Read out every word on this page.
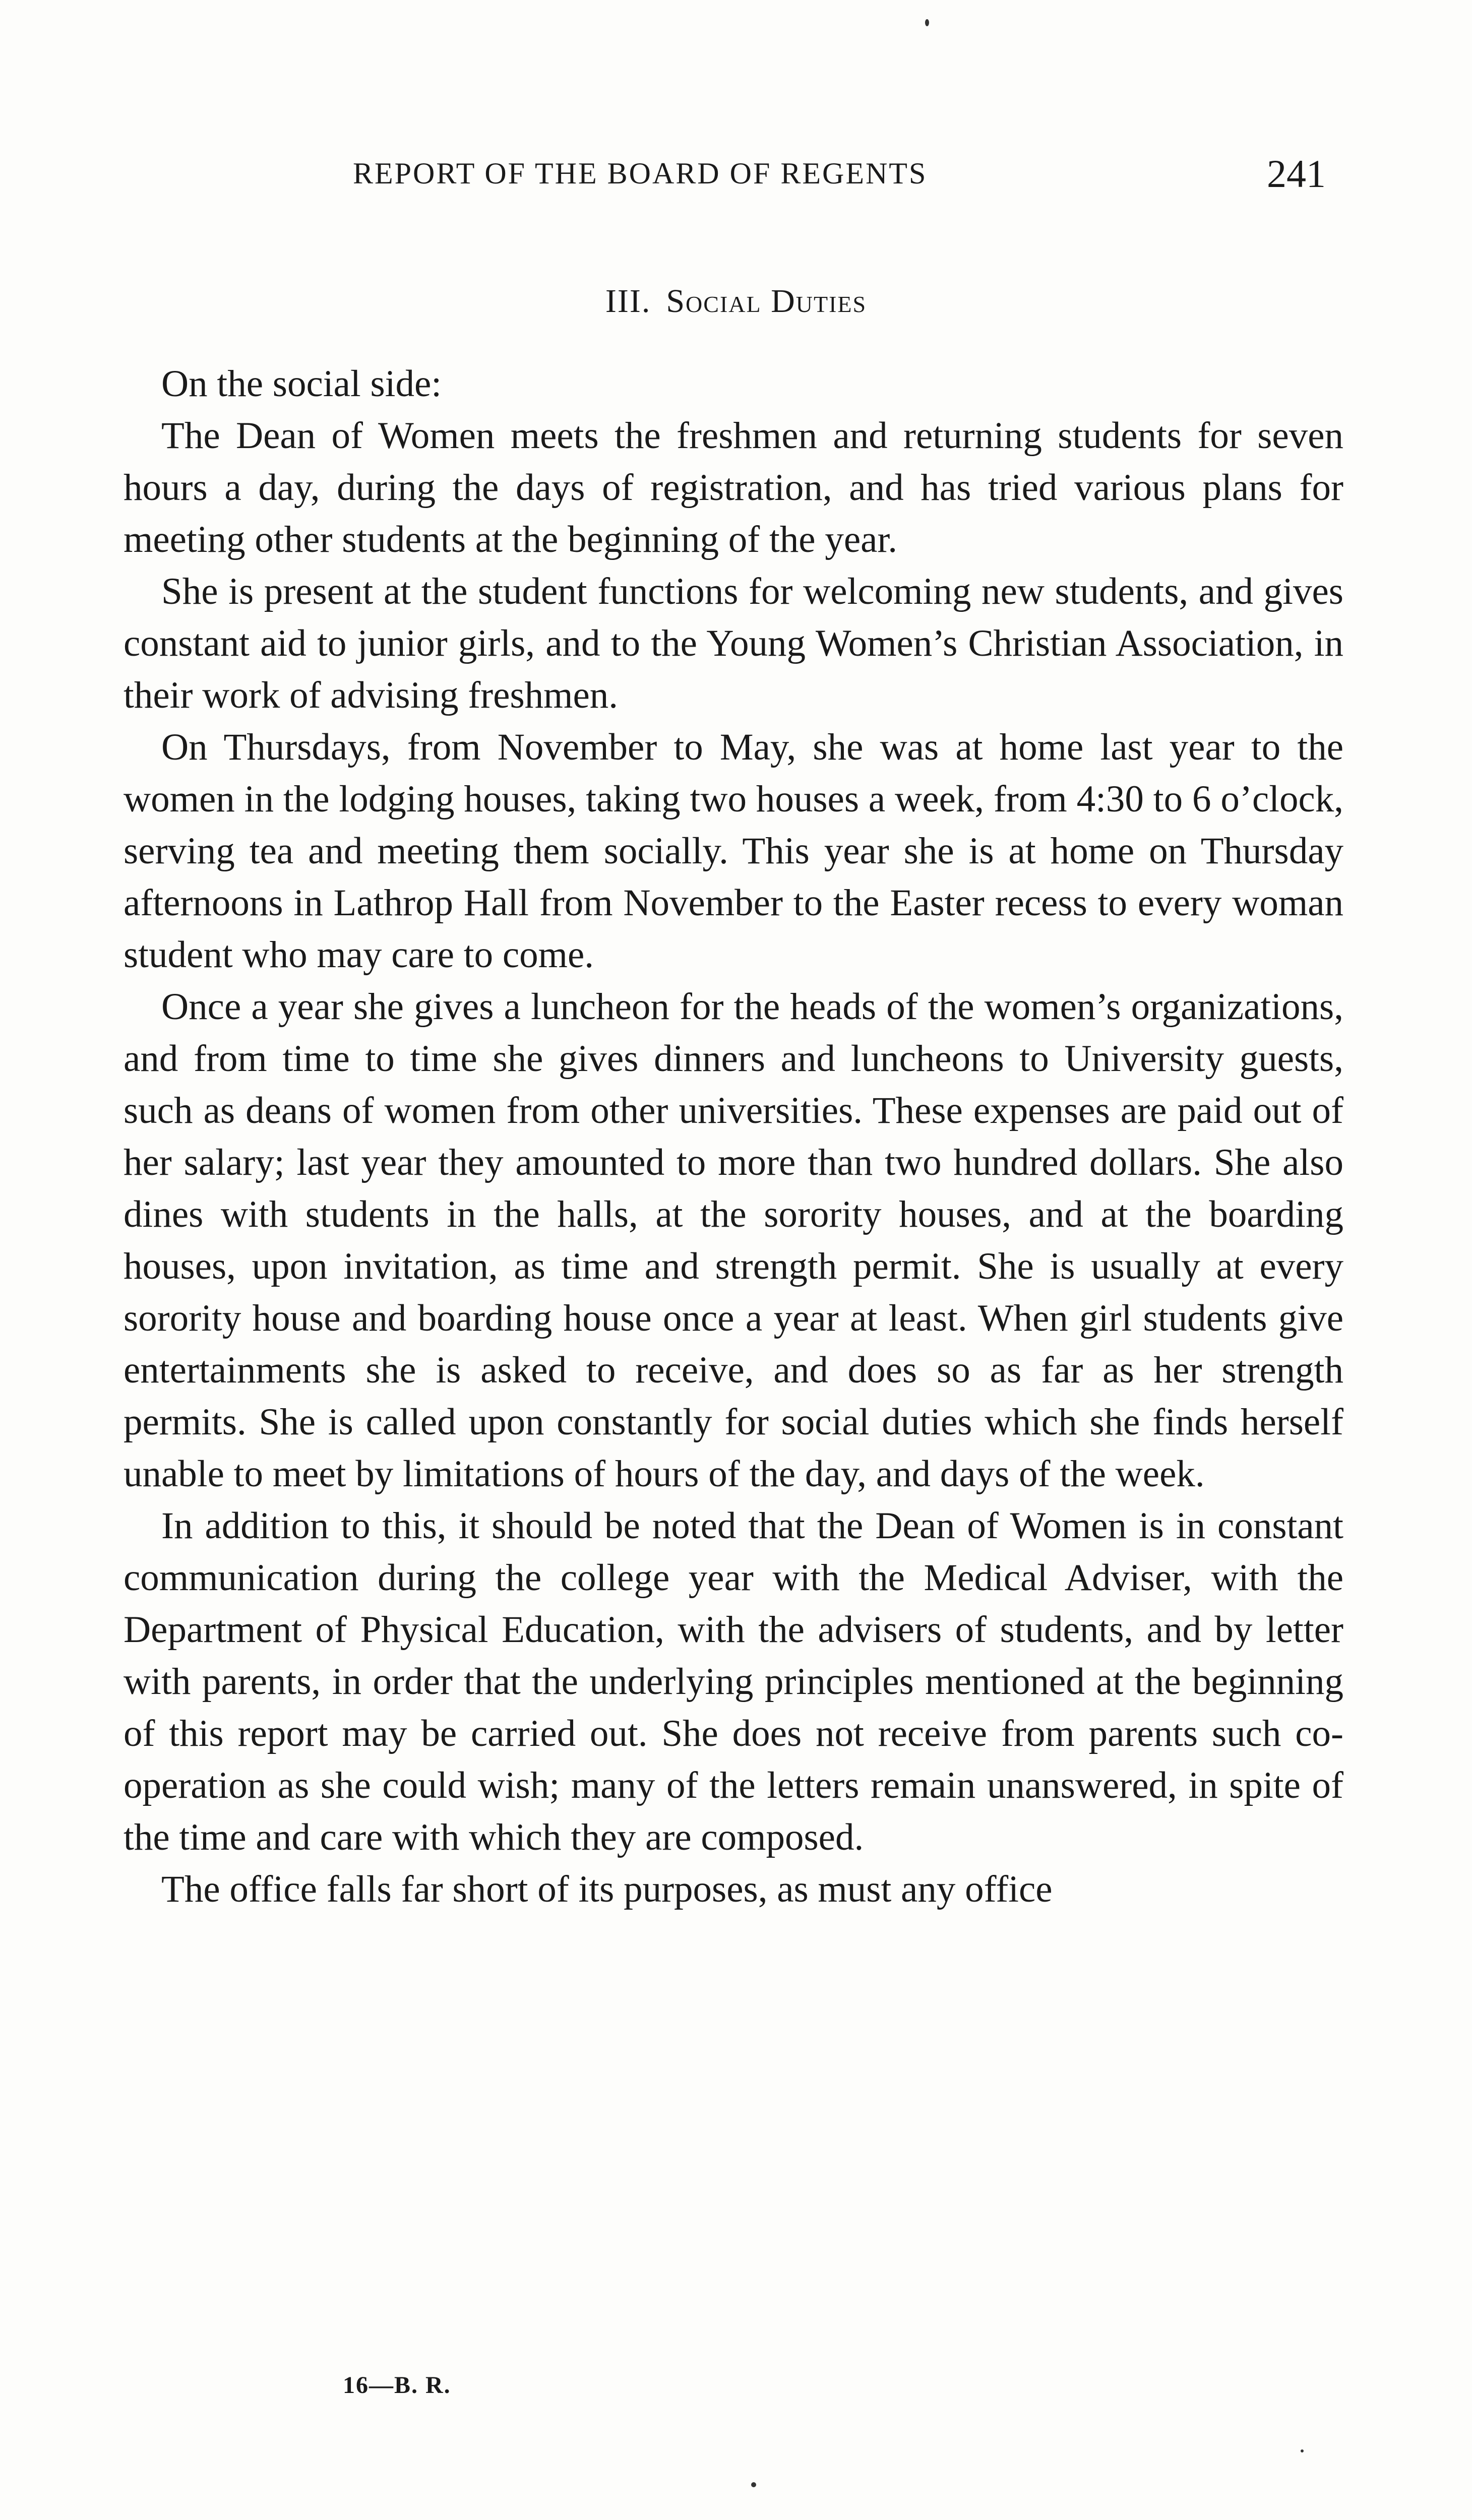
REPORT OF THE BOARD OF REGENTS	241
III. Social Duties

On the social side:

The Dean of Women meets the freshmen and returning students for seven hours a day, during the days of registration, and has tried various plans for meeting other students at the beginning of the year.

She is present at the student functions for welcoming new students, and gives constant aid to junior girls, and to the Young Women’s Christian Association, in their work of advising freshmen.

On Thursdays, from November to May, she was at home last year to the women in the lodging houses, taking two houses a week, from 4:30 to 6 o’clock, serving tea and meeting them socially. This year she is at home on Thursday afternoons in Lathrop Hall from November to the Easter recess to every woman student who may care to come.

Once a year she gives a luncheon for the heads of the women’s organizations, and from time to time she gives dinners and luncheons to University guests, such as deans of women from other universities. These expenses are paid out of her salary; last year they amounted to more than two hundred dollars. She also dines with students in the halls, at the sorority houses, and at the boarding houses, upon invitation, as time and strength permit. She is usually at every sorority house and boarding house once a year at least. When girl students give entertainments she is asked to receive, and does so as far as her strength permits. She is called upon constantly for social duties which she finds herself unable to meet by limitations of hours of the day, and days of the week.

In addition to this, it should be noted that the Dean of Women is in constant communication during the college year with the Medical Adviser, with the Department of Physical Education, with the advisers of students, and by letter with parents, in order that the underlying principles mentioned at the beginning of this report may be carried out. She does not receive from parents such co-operation as she could wish; many of the letters remain unanswered, in spite of the time and care with which they are composed.

The office falls far short of its purposes, as must any office

16—B. R.
